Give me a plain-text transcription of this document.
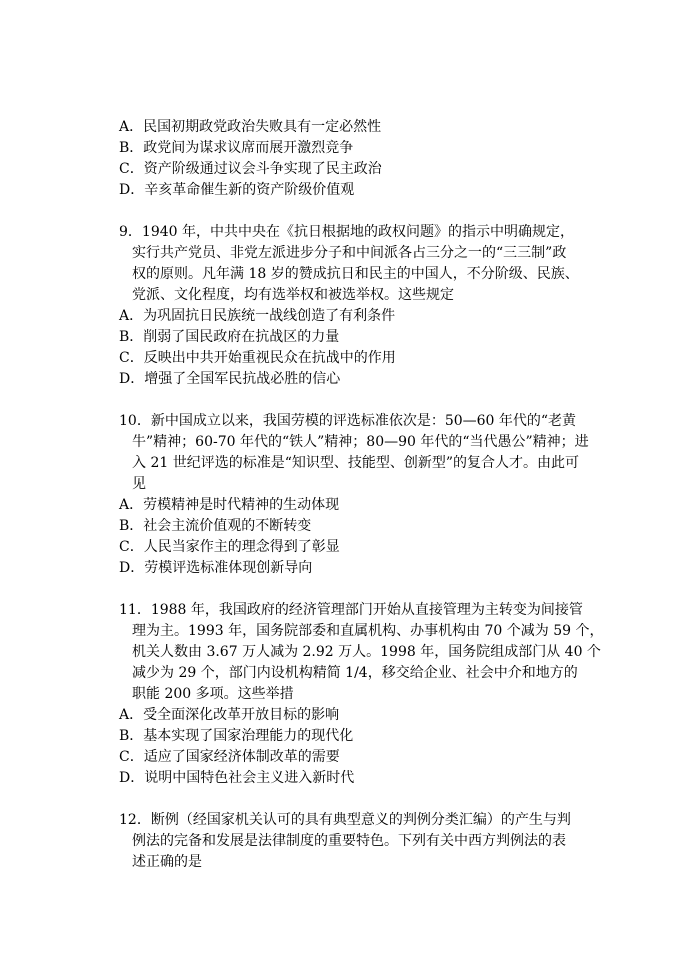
A．民国初期政党政治失败具有一定必然性
B．政党间为谋求议席而展开激烈竞争
C．资产阶级通过议会斗争实现了民主政治
D．辛亥革命催生新的资产阶级价值观
9．1940 年，中共中央在《抗日根据地的政权问题》的指示中明确规定，
实行共产党员、非党左派进步分子和中间派各占三分之一的“三三制”政
权的原则。凡年满 18 岁的赞成抗日和民主的中国人，不分阶级、民族、
党派、文化程度，均有选举权和被选举权。这些规定
A．为巩固抗日民族统一战线创造了有利条件
B．削弱了国民政府在抗战区的力量
C．反映出中共开始重视民众在抗战中的作用
D．增强了全国军民抗战必胜的信心
10．新中国成立以来，我国劳模的评选标准依次是：50—60 年代的“老黄
牛”精神；60-70 年代的“铁人”精神；80—90 年代的“当代愚公”精神；进
入 21 世纪评选的标准是“知识型、技能型、创新型”的复合人才。由此可
见
A．劳模精神是时代精神的生动体现
B．社会主流价值观的不断转变
C．人民当家作主的理念得到了彰显
D．劳模评选标准体现创新导向
11．1988 年，我国政府的经济管理部门开始从直接管理为主转变为间接管
理为主。1993 年，国务院部委和直属机构、办事机构由 70 个减为 59 个，
机关人数由 3.67 万人减为 2.92 万人。1998 年，国务院组成部门从 40 个
减少为 29 个，部门内设机构精简 1/4，移交给企业、社会中介和地方的
职能 200 多项。这些举措
A．受全面深化改革开放目标的影响
B．基本实现了国家治理能力的现代化
C．适应了国家经济体制改革的需要
D．说明中国特色社会主义进入新时代
12．断例（经国家机关认可的具有典型意义的判例分类汇编）的产生与判
例法的完备和发展是法律制度的重要特色。下列有关中西方判例法的表
述正确的是
